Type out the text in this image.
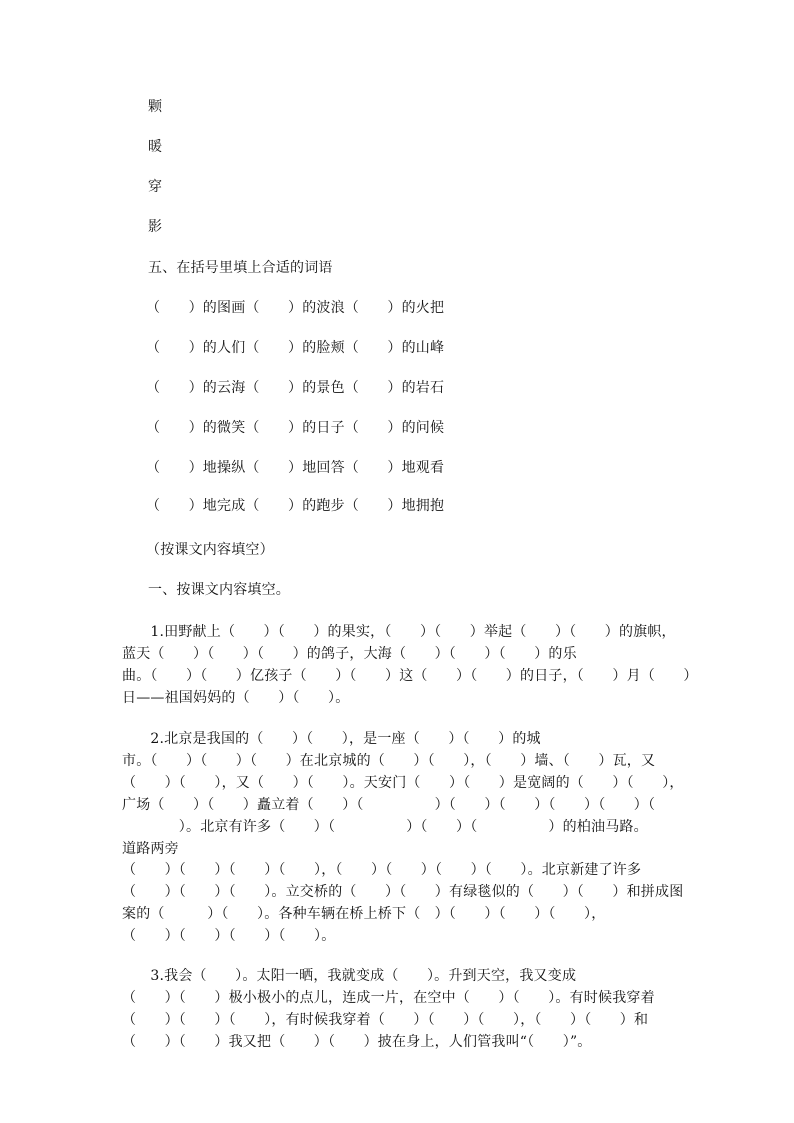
颗
暖
穿
影
五、在括号里填上合适的词语
（　　）的图画（　　）的波浪（　　）的火把
（　　）的人们（　　）的脸颊（　　）的山峰
（　　）的云海（　　）的景色（　　）的岩石
（　　）的微笑（　　）的日子（　　）的问候
（　　）地操纵（　　）地回答（　　）地观看
（　　）地完成（　　）的跑步（　　）地拥抱
（按课文内容填空）
一、按课文内容填空。
　　1.田野献上（　　）（　　）的果实，（　　）（　　）举起（　　）（　　）的旗帜，
蓝天（　　）（　　）（　　）的鸽子，大海（　　）（　　）（　　）的乐
曲。（　　）（　　）亿孩子（　　）（　　）这（　　）（　　）的日子，（　　）月（　　）
日——祖国妈妈的（　　）（　　）。
　　2.北京是我国的（　　）（　　），是一座（　　）（　　）的城
市。（　　）（　　）（　　）在北京城的（　　）（　　），（　　）墙、（　　）瓦，又
（　　）（　　），又（　　）（　　）。天安门（　　）（　　）是宽阔的（　　）（　　），
广场（　　）（　　）矗立着（　　）（　　　　　）（　　）（　　）（　　）（　　）（
　　　　）。北京有许多（　　）（　　　　　）（　　）（　　　　　）的柏油马路。
道路两旁
（　　）（　　）（　　）（　　），（　　）（　　）（　　）（　　）。北京新建了许多
（　　）（　　）（　　）。立交桥的（　　）（　　）有绿毯似的（　　）（　　）和拼成图
案的（　　　）（　　）。各种车辆在桥上桥下（　）（　　）（　　）（　　），
（　　）（　　）（　　）（　　）。
　　3.我会（　　）。太阳一晒，我就变成（　　）。升到天空，我又变成
（　　）（　　）极小极小的点儿，连成一片，在空中（　　）（　　）。有时候我穿着
（　　）（　　）（　　），有时候我穿着（　　）（　　）（　　），（　　）（　　）和
（　　）（　　）我又把（　　）（　　）披在身上，人们管我叫“（　　）”。
